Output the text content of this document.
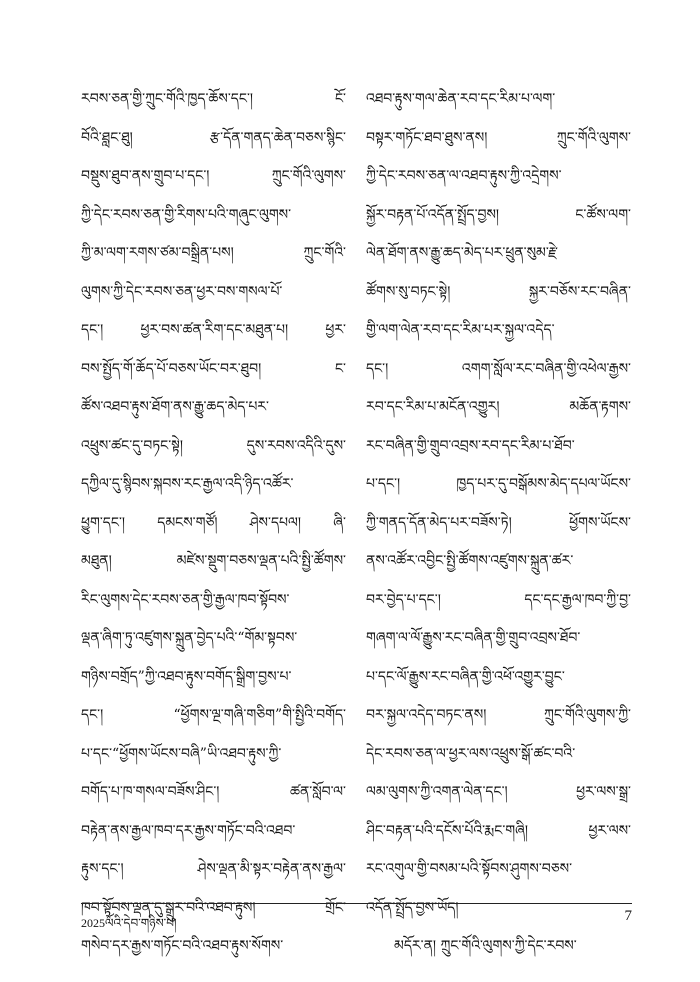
རབས་ཅན་གྱི་ཀྲུང་གོའི་ཁྱད་ཆོས་དང་། ངོ་
བོའི་ཐླང་ཐུ། རྩ་དོན་གནད་ཆེན་བཅས་སྙིང་
བསྡུས་ཐུབ་ནས་གྲུབ་པ་དང་། ཀྲུང་གོའི་ལུགས་
ཀྱི་དེང་རབས་ཅན་གྱི་རིགས་པའི་གཞུང་ལུགས་
ཀྱི་མ་ལག་རགས་ཙམ་བསྒྲིན་པས། ཀྲུང་གོའི་
ལུགས་ཀྱི་དེང་རབས་ཅན་ཕྱར་བས་གསལ་པོ་
དང་། ཕྱར་བས་ཚན་རིག་དང་མཐུན་པ། ཕྱར་
བས་སྤྱོད་གོ་ཆོད་པོ་བཅས་ཡོང་བར་ཐུབ། ང་
ཚོས་འཐབ་རྟུས་ཐོག་ནས་རྒྱུ་ཆད་མེད་པར་
འཕྲུས་ཚང་དུ་བཏང་སྟེ། དུས་རབས་འདིའི་དུས་
དཀྱིལ་དུ་སྙིབས་སྐབས་རང་རྒྱལ་འདི་ཉིད་འཚོར་
ཕྱུག་དང་། དམངས་གཙོ། ཤེས་དཔལ། ཞི་
མཐུན། མཛེས་སྡུག་བཅས་ལྡན་པའི་སྤྱི་ཚོགས་
རིང་ལུགས་དེང་རབས་ཅན་གྱི་རྒྱལ་ཁབ་སྟོབས་
ལྡན་ཞིག་ཏུ་འཛུགས་སྐྲུན་བྱེད་པའི་“གོམ་སྟབས་
གཉིས་བགྲོད”ཀྱི་འཐབ་རྟུས་བགོད་སྒྲིག་བྱས་པ་
དང་། “ཕྱོགས་ལྔ་གཞི་གཅིག”གི་སྤྱིའི་བགོད་
པ་དང་“ཕྱོགས་ཡོངས་བཞི”ཡི་འཐབ་རྟུས་ཀྱི་
བགོད་པ་ཁ་གསལ་བཟོས་ཤིང་། ཚན་སློབ་ལ་
བརྟེན་ནས་རྒྱལ་ཁབ་དར་རྒྱས་གཏོང་བའི་འཐབ་
རྟུས་དང་། ཤེས་ལྡན་མི་སྟར་བརྟེན་ནས་རྒྱལ་
ཁབ་སྟོབས་ལྡན་དུ་སྒྲུར་བའི་འཐབ་རྟུས། གྲོང་
གསེབ་དར་རྒྱས་གཏོང་བའི་འཐབ་རྟུས་སོགས་
འཐབ་རྟུས་གལ་ཆེན་རབ་དང་རིམ་པ་ལག་
བསྟར་གཏོང་ཐབ་ཐུས་ནས། ཀྲུང་གོའི་ལུགས་
ཀྱི་དེང་རབས་ཅན་ལ་འཐབ་རྟུས་ཀྱི་འདྲེགས་
སྐྱོར་བརྟན་པོ་འདོན་སྤྲོད་བྱས། ང་ཚོས་ལག་
ལེན་ཐོག་ནས་རྒྱུ་ཆད་མེད་པར་ཕྲུན་སུམ་རྗེ་
ཚོགས་སུ་བཏང་སྟེ། སྐྱར་བཅོས་རང་བཞིན་
གྱི་ལག་ལེན་རབ་དང་རིམ་པར་སྐྱལ་འདེད་
དང་། འགག་སློལ་རང་བཞིན་གྱི་འཕེལ་རྒྱས་
རབ་དང་རིམ་པ་མངོན་འགྱུར། མཆོན་རྟགས་
རང་བཞིན་གྱི་གྲུབ་འབྲས་རབ་དང་རིམ་པ་ཐོབ་
པ་དང་། ཁྱད་པར་དུ་བསྒོམས་མེད་དཔལ་ཡོངས་
ཀྱི་གནད་དོན་མེད་པར་བཟོས་ཏེ། ཕྱོགས་ཡོངས་
ནས་འཚོར་འབྱིང་སྤྱི་ཚོགས་འཛུགས་སྐྲུན་ཚར་
བར་བྱེད་པ་དང་། དང་དང་རྒྱལ་ཁབ་ཀྱི་བྱ་
གཞག་ལ་ལོ་རྒྱུས་རང་བཞིན་གྱི་གྲུབ་འབྲས་ཐོབ་
པ་དང་ལོ་རྒྱུས་རང་བཞིན་གྱི་འཕོ་འགྱུར་བྱུང་
བར་སྐྱལ་འདེད་བཏང་ནས། ཀྲུང་གོའི་ལུགས་ཀྱི་
དེང་རབས་ཅན་ལ་ཕྱར་ལས་འཕྲུས་སྒོ་ཚང་བའི་
ལམ་ལུགས་ཀྱི་འགན་ལེན་དང་། ཕྱར་ལས་སྒྲ་
ཤིང་བརྟན་པའི་དངོས་པོའི་རྨང་གཞི། ཕྱར་ལས་
རང་འགུལ་གྱི་བསམ་པའི་སྟོབས་ཤུགས་བཅས་
འདོན་སྤྲོད་བྱས་ཡོད།
མདོར་ན། ཀྲུང་གོའི་ལུགས་ཀྱི་དེང་རབས་
2025ལོའི་དེབ་གཉིས་པ།	7
